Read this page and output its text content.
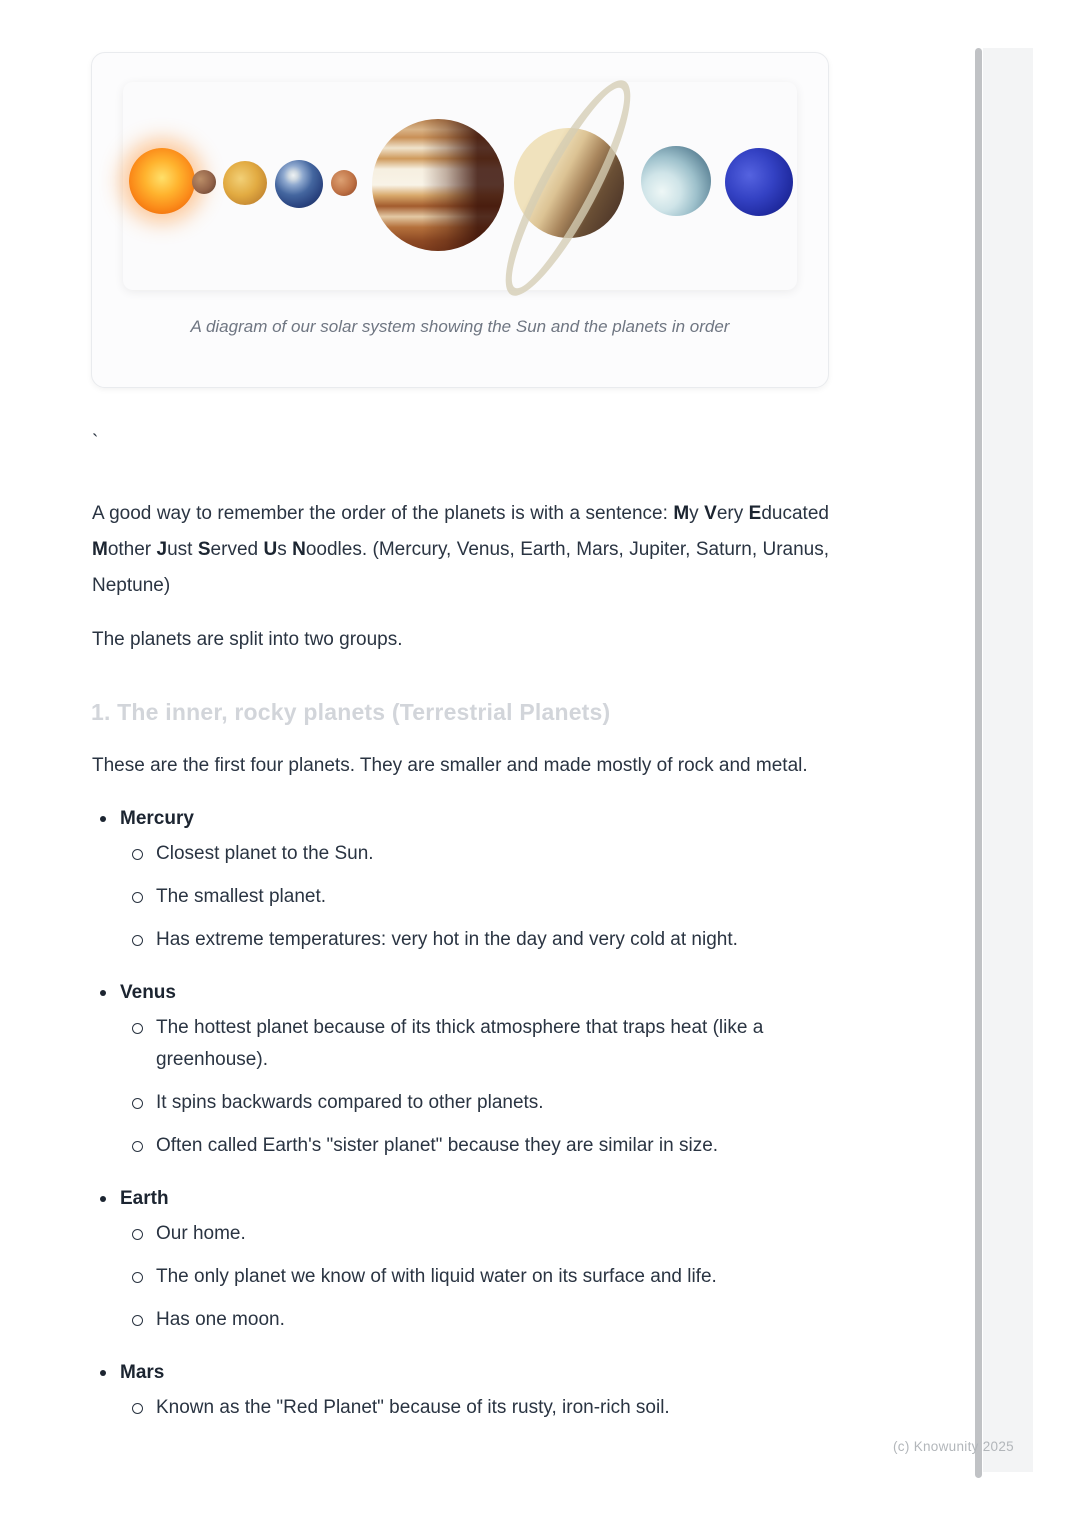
A diagram of our solar system showing the Sun and the planets in order

`

A good way to remember the order of the planets is with a sentence: My Very Educated Mother Just Served Us Noodles. (Mercury, Venus, Earth, Mars, Jupiter, Saturn, Uranus, Neptune)

The planets are split into two groups.

1. The inner, rocky planets (Terrestrial Planets)

These are the first four planets. They are smaller and made mostly of rock and metal.

Mercury
Closest planet to the Sun.
The smallest planet.
Has extreme temperatures: very hot in the day and very cold at night.
Venus
The hottest planet because of its thick atmosphere that traps heat (like a greenhouse).
It spins backwards compared to other planets.
Often called Earth's "sister planet" because they are similar in size.
Earth
Our home.
The only planet we know of with liquid water on its surface and life.
Has one moon.
Mars
Known as the "Red Planet" because of its rusty, iron-rich soil.
(c) Knowunity 2025
